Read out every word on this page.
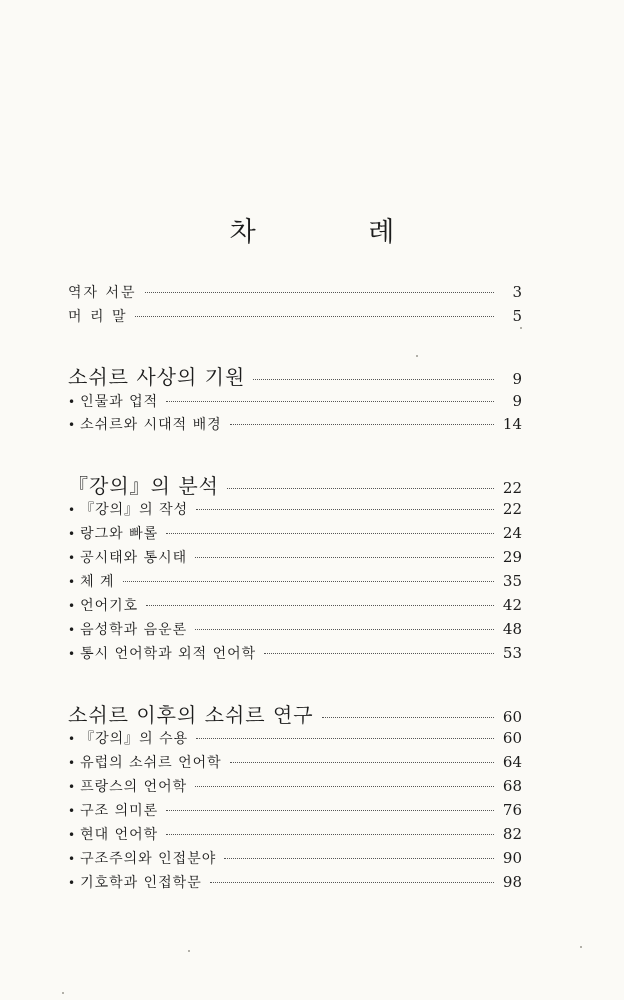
차 례
역자 서문	3
머 리 말	5
소쉬르 사상의 기원	9
• 인물과 업적	9
• 소쉬르와 시대적 배경	14
『강의』의 분석	22
• 『강의』의 작성	22
• 랑그와 빠롤	24
• 공시태와 통시태	29
• 체 계	35
• 언어기호	42
• 음성학과 음운론	48
• 통시 언어학과 외적 언어학	53
소쉬르 이후의 소쉬르 연구	60
• 『강의』의 수용	60
• 유럽의 소쉬르 언어학	64
• 프랑스의 언어학	68
• 구조 의미론	76
• 현대 언어학	82
• 구조주의와 인접분야	90
• 기호학과 인접학문	98
